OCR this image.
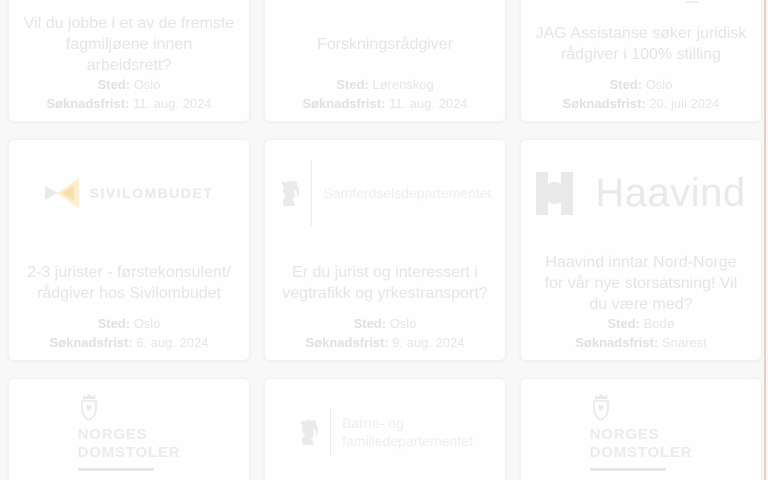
Vil du jobbe i et av de fremste fagmiljøene innen arbeidsrett?
Sted: Oslo
Søknadsfrist: 11. aug. 2024
Forskningsrådgiver
Sted: Lørenskog
Søknadsfrist: 11. aug. 2024
JAG Assistanse søker juridisk rådgiver i 100% stilling
Sted: Oslo
Søknadsfrist: 20. juli 2024
SIVILOMBUDET
2-3 jurister - førstekonsulent/ rådgiver hos Sivilombudet
Sted: Oslo
Søknadsfrist: 6. aug. 2024
Samferdselsdepartementet
Er du jurist og interessert i vegtrafikk og yrkestransport?
Sted: Oslo
Søknadsfrist: 9. aug. 2024
Haavind
Haavind inntar Nord-Norge for vår nye storsatsning! Vil du være med?
Sted: Bodø
Søknadsfrist: Snarest
NORGES
DOMSTOLER
Barne- og
familiedepartementet	NORGES
DOMSTOLER
